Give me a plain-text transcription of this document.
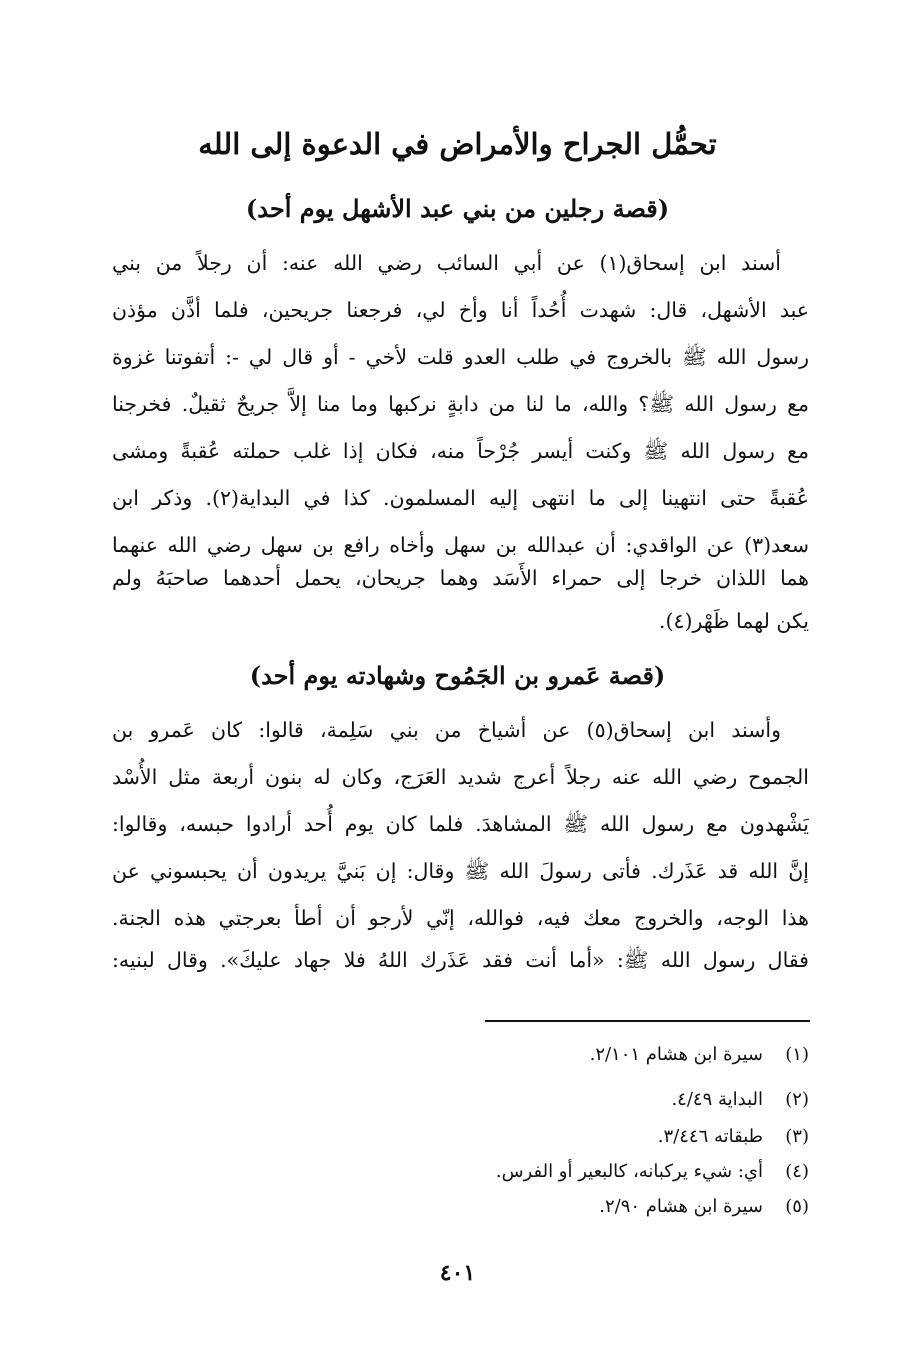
تحمُّل الجراح والأمراض في الدعوة إلى الله
(قصة رجلين من بني عبد الأشهل يوم أحد)
أسند ابن إسحاق(١) عن أبي السائب رضي الله عنه: أن رجلاً من بني
عبد الأشهل، قال: شهدت أُحُداً أنا وأخ لي، فرجعنا جريحين، فلما أذَّن مؤذن
رسول الله ﷺ بالخروج في طلب العدو قلت لأخي - أو قال لي -: أتفوتنا غزوة
مع رسول الله ﷺ؟ والله، ما لنا من دابةٍ نركبها وما منا إلاَّ جريحٌ ثقيلٌ. فخرجنا
مع رسول الله ﷺ وكنت أيسر جُرْحاً منه، فكان إذا غلب حملته عُقبةً ومشى
عُقبةً حتى انتهينا إلى ما انتهى إليه المسلمون. كذا في البداية(٢). وذكر ابن
سعد(٣) عن الواقدي: أن عبدالله بن سهل وأخاه رافع بن سهل رضي الله عنهما
هما اللذان خرجا إلى حمراء الأَسَد وهما جريحان، يحمل أحدهما صاحبَهُ ولم
يكن لهما ظَهْر(٤).
(قصة عَمرو بن الجَمُوح وشهادته يوم أحد)
وأسند ابن إسحاق(٥) عن أشياخ من بني سَلِمة، قالوا: كان عَمرو بن
الجموح رضي الله عنه رجلاً أعرج شديد العَرَج، وكان له بنون أربعة مثل الأُسْد
يَشْهدون مع رسول الله ﷺ المشاهدَ. فلما كان يوم أُحد أرادوا حبسه، وقالوا:
إنَّ الله قد عَذَرك. فأتى رسولَ الله ﷺ وقال: إن بَنيَّ يريدون أن يحبسوني عن
هذا الوجه، والخروج معك فيه، فوالله، إنّي لأرجو أن أطأ بعرجتي هذه الجنة.
فقال رسول الله ﷺ: «أما أنت فقد عَذَرك اللهُ فلا جهاد عليكَ». وقال لبنيه:
(١)سيرة ابن هشام ٢/١٠١.
(٢)البداية ٤/٤٩.
(٣)طبقاته ٣/٤٤٦.
(٤)أي: شيء يركبانه، كالبعير أو الفرس.
(٥)سيرة ابن هشام ٢/٩٠.
٤٠١
